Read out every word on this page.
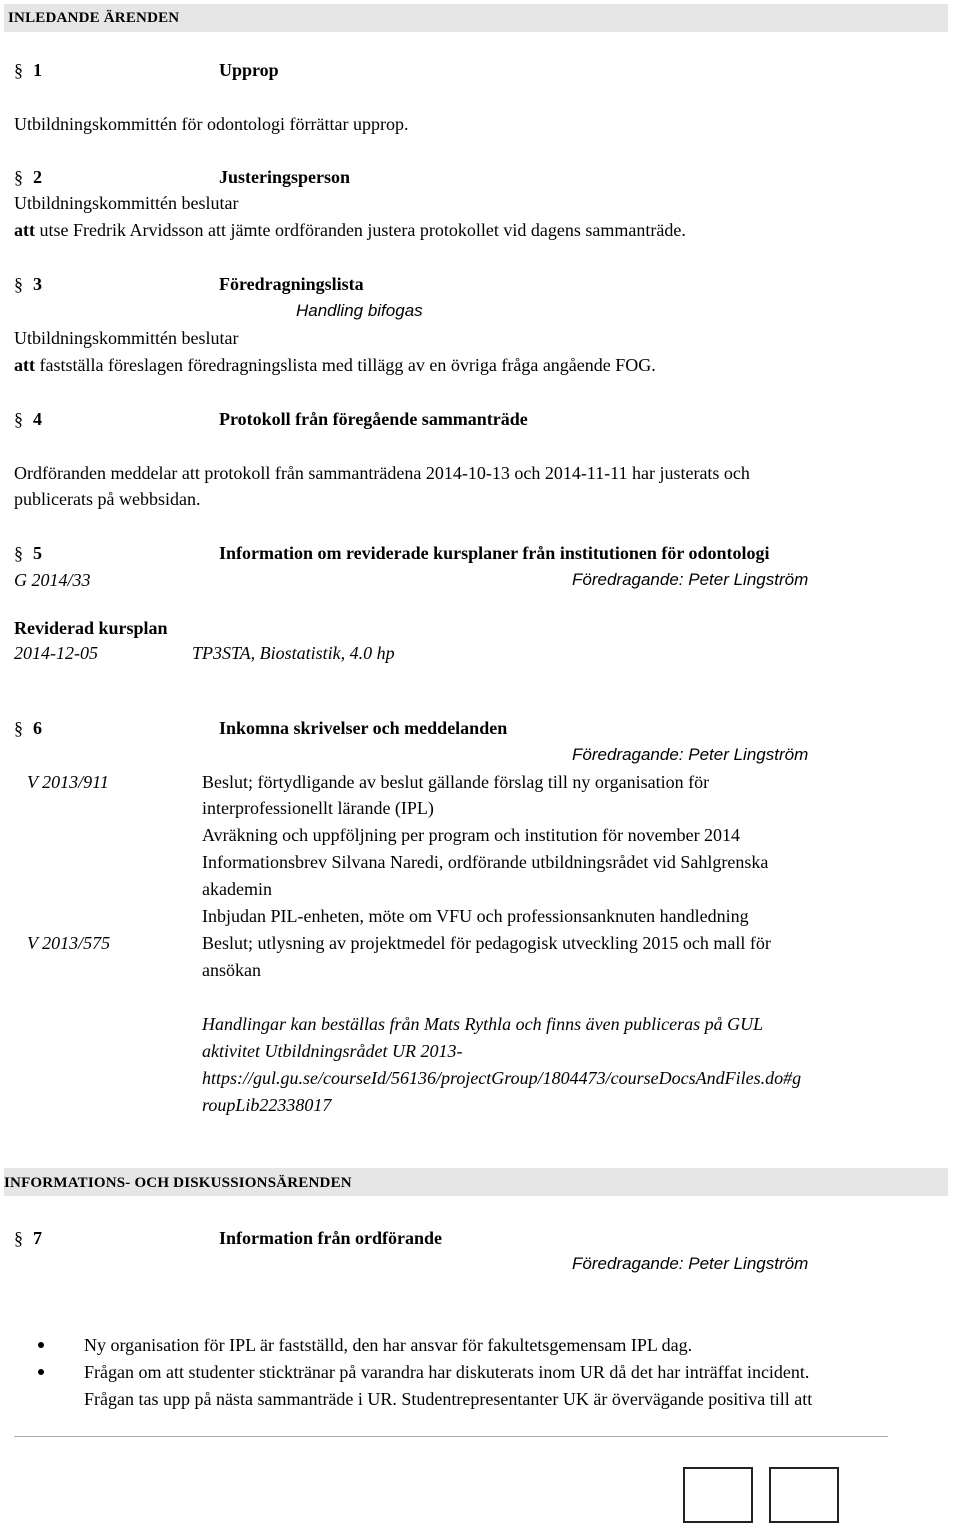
INLEDANDE ÄRENDEN
§ 1	Upprop
Utbildningskommittén för odontologi förrättar upprop.
§ 2	Justeringsperson
Utbildningskommittén beslutar
att utse Fredrik Arvidsson att jämte ordföranden justera protokollet vid dagens sammanträde.
§ 3	Föredragningslista
Handling bifogas
Utbildningskommittén beslutar
att fastställa föreslagen föredragningslista med tillägg av en övriga fråga angående FOG.
§ 4	Protokoll från föregående sammanträde
Ordföranden meddelar att protokoll från sammanträdena 2014-10-13 och 2014-11-11 har justerats och
publicerats på webbsidan.
§ 5	Information om reviderade kursplaner från institutionen för odontologi
G 2014/33	Föredragande: Peter Lingström
Reviderad kursplan
2014-12-05	TP3STA, Biostatistik, 4.0 hp
§ 6	Inkomna skrivelser och meddelanden
Föredragande: Peter Lingström
V 2013/911	Beslut; förtydligande av beslut gällande förslag till ny organisation för
interprofessionellt lärande (IPL)
Avräkning och uppföljning per program och institution för november 2014
Informationsbrev Silvana Naredi, ordförande utbildningsrådet vid Sahlgrenska
akademin
Inbjudan PIL-enheten, möte om VFU och professionsanknuten handledning
V 2013/575	Beslut; utlysning av projektmedel för pedagogisk utveckling 2015 och mall för
ansökan
Handlingar kan beställas från Mats Rythla och finns även publiceras på GUL
aktivitet Utbildningsrådet UR 2013-
https://gul.gu.se/courseId/56136/projectGroup/1804473/courseDocsAndFiles.do#g
roupLib22338017
INFORMATIONS- OCH DISKUSSIONSÄRENDEN
§ 7	Information från ordförande
Föredragande: Peter Lingström
Ny organisation för IPL är fastställd, den har ansvar för fakultetsgemensam IPL dag.
Frågan om att studenter sticktränar på varandra har diskuterats inom UR då det har inträffat incident.
Frågan tas upp på nästa sammanträde i UR. Studentrepresentanter UK är övervägande positiva till att
